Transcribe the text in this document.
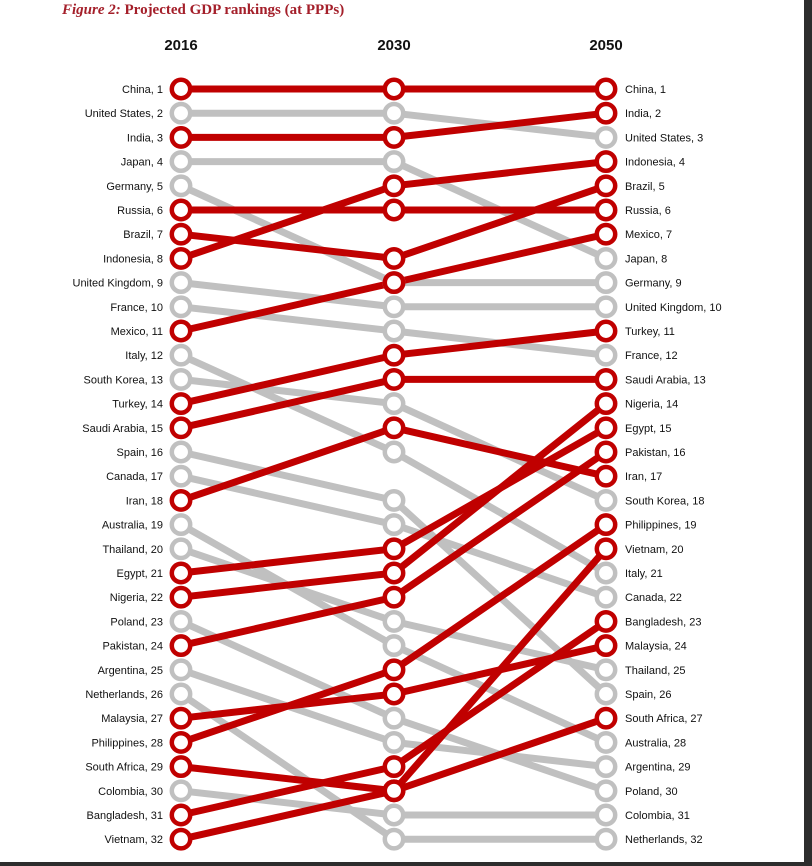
Figure 2: Projected GDP rankings (at PPPs)
China, 1
United States, 2
India, 3
Japan, 4
Germany, 5
Russia, 6
Brazil, 7
Indonesia, 8
United Kingdom, 9
France, 10
Mexico, 11
Italy, 12
South Korea, 13
Turkey, 14
Saudi Arabia, 15
Spain, 16
Canada, 17
Iran, 18
Australia, 19
Thailand, 20
Egypt, 21
Nigeria, 22
Poland, 23
Pakistan, 24
Argentina, 25
Netherlands, 26
Malaysia, 27
Philippines, 28
South Africa, 29
Colombia, 30
Bangladesh, 31
Vietnam, 32
China, 1
India, 2
United States, 3
Indonesia, 4
Brazil, 5
Russia, 6
Mexico, 7
Japan, 8
Germany, 9
United Kingdom, 10
Turkey, 11
France, 12
Saudi Arabia, 13
Nigeria, 14
Egypt, 15
Pakistan, 16
Iran, 17
South Korea, 18
Philippines, 19
Vietnam, 20
Italy, 21
Canada, 22
Bangladesh, 23
Malaysia, 24
Thailand, 25
Spain, 26
South Africa, 27
Australia, 28
Argentina, 29
Poland, 30
Colombia, 31
Netherlands, 32
2016	2030	2050
